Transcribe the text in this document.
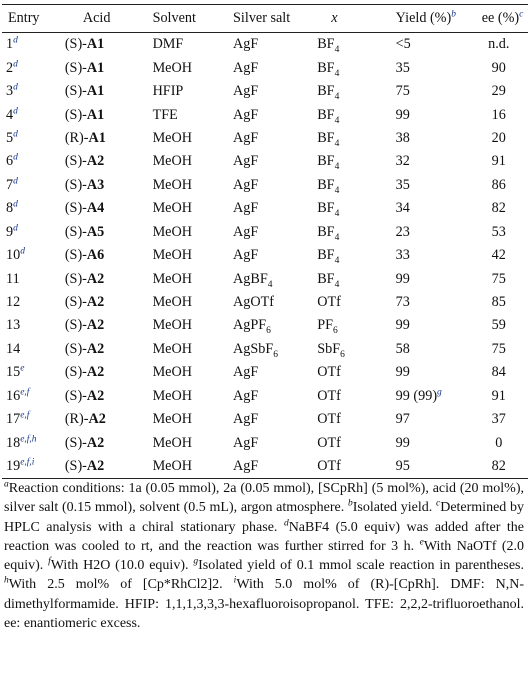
Entry	Acid	Solvent	Silver salt	x	Yield (%)$^b$	ee (%)$^c$
1$^d$	(S)-A1	DMF	AgF	$BF_4$	<5	n.d.
2$^d$	(S)-A1	MeOH	AgF	$BF_4$	35	90
3$^d$	(S)-A1	HFIP	AgF	$BF_4$	75	29
4$^d$	(S)-A1	TFE	AgF	$BF_4$	99	16
5$^d$	(R)-A1	MeOH	AgF	$BF_4$	38	20
6$^d$	(S)-A2	MeOH	AgF	$BF_4$	32	91
7$^d$	(S)-A3	MeOH	AgF	$BF_4$	35	86
8$^d$	(S)-A4	MeOH	AgF	$BF_4$	34	82
9$^d$	(S)-A5	MeOH	AgF	$BF_4$	23	53
10$^d$	(S)-A6	MeOH	AgF	$BF_4$	33	42
11	(S)-A2	MeOH	AgBF$_4$	$BF_4$	99	75
12	(S)-A2	MeOH	AgOTf	OTf	73	85
13	(S)-A2	MeOH	AgPF$_6$	$PF_6$	99	59
14	(S)-A2	MeOH	AgSbF$_6$	SbF$_6$	58	75
15e	(S)-A2	MeOH	AgF	OTf	99	84
16$^{e,f}$	(S)-A2	MeOH	AgF	OTf	99 $(99)^g$	91
17$^{e,f}$	(R)-A2	MeOH	AgF	OTf	97	37
18$^{e,f,h}$	(S)-A2	MeOH	AgF	OTf	99	0
19$^{e,f,i}$	(S)-A2	MeOH	AgF	OTf	95	82

$^a$Reaction conditions: 1a (0.05 mmol), 2a (0.05 mmol), [SCpRh] (5 mol%), acid (20 mol%), silver salt (0.15 mmol), solvent (0.5 mL), argon atmosphere. $^b$Isolated yield. $^c$Determined by HPLC analysis with a chiral stationary phase. $^d$NaBF4 (5.0 equiv) was added after the reaction was cooled to rt, and the reaction was further stirred for 3 h. $^e$With NaOTf (2.0 equiv). $^f$With H2O (10.0 equiv). $^g$Isolated yield of 0.1 mmol scale reaction in parentheses. $^h$With 2.5 mol% of [Cp*RhCl2]2. $^i$With 5.0 mol% of (R)-[CpRh]. DMF: N,N-dimethylformamide. HFIP: 1,1,1,3,3,3-hexafluoroisopropanol. TFE: 2,2,2-trifluoroethanol. ee: enantiomeric excess.
